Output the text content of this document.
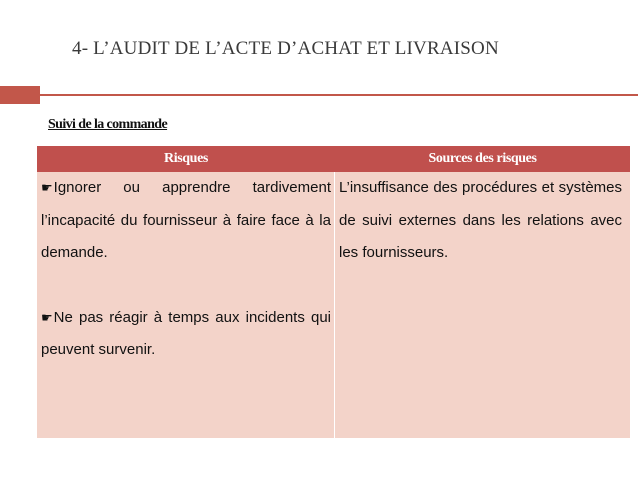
4- L’AUDIT DE L’ACTE D’ACHAT ET LIVRAISON
Suivi de la commande
Risques	Sources des risques

☛Ignorer ou apprendre tardivement l’incapacité du fournisseur à faire face à la demande.

☛Ne pas réagir à temps aux incidents qui peuvent survenir.

L’insuffisance des procédures et systèmes de suivi externes dans les relations avec les fournisseurs.
